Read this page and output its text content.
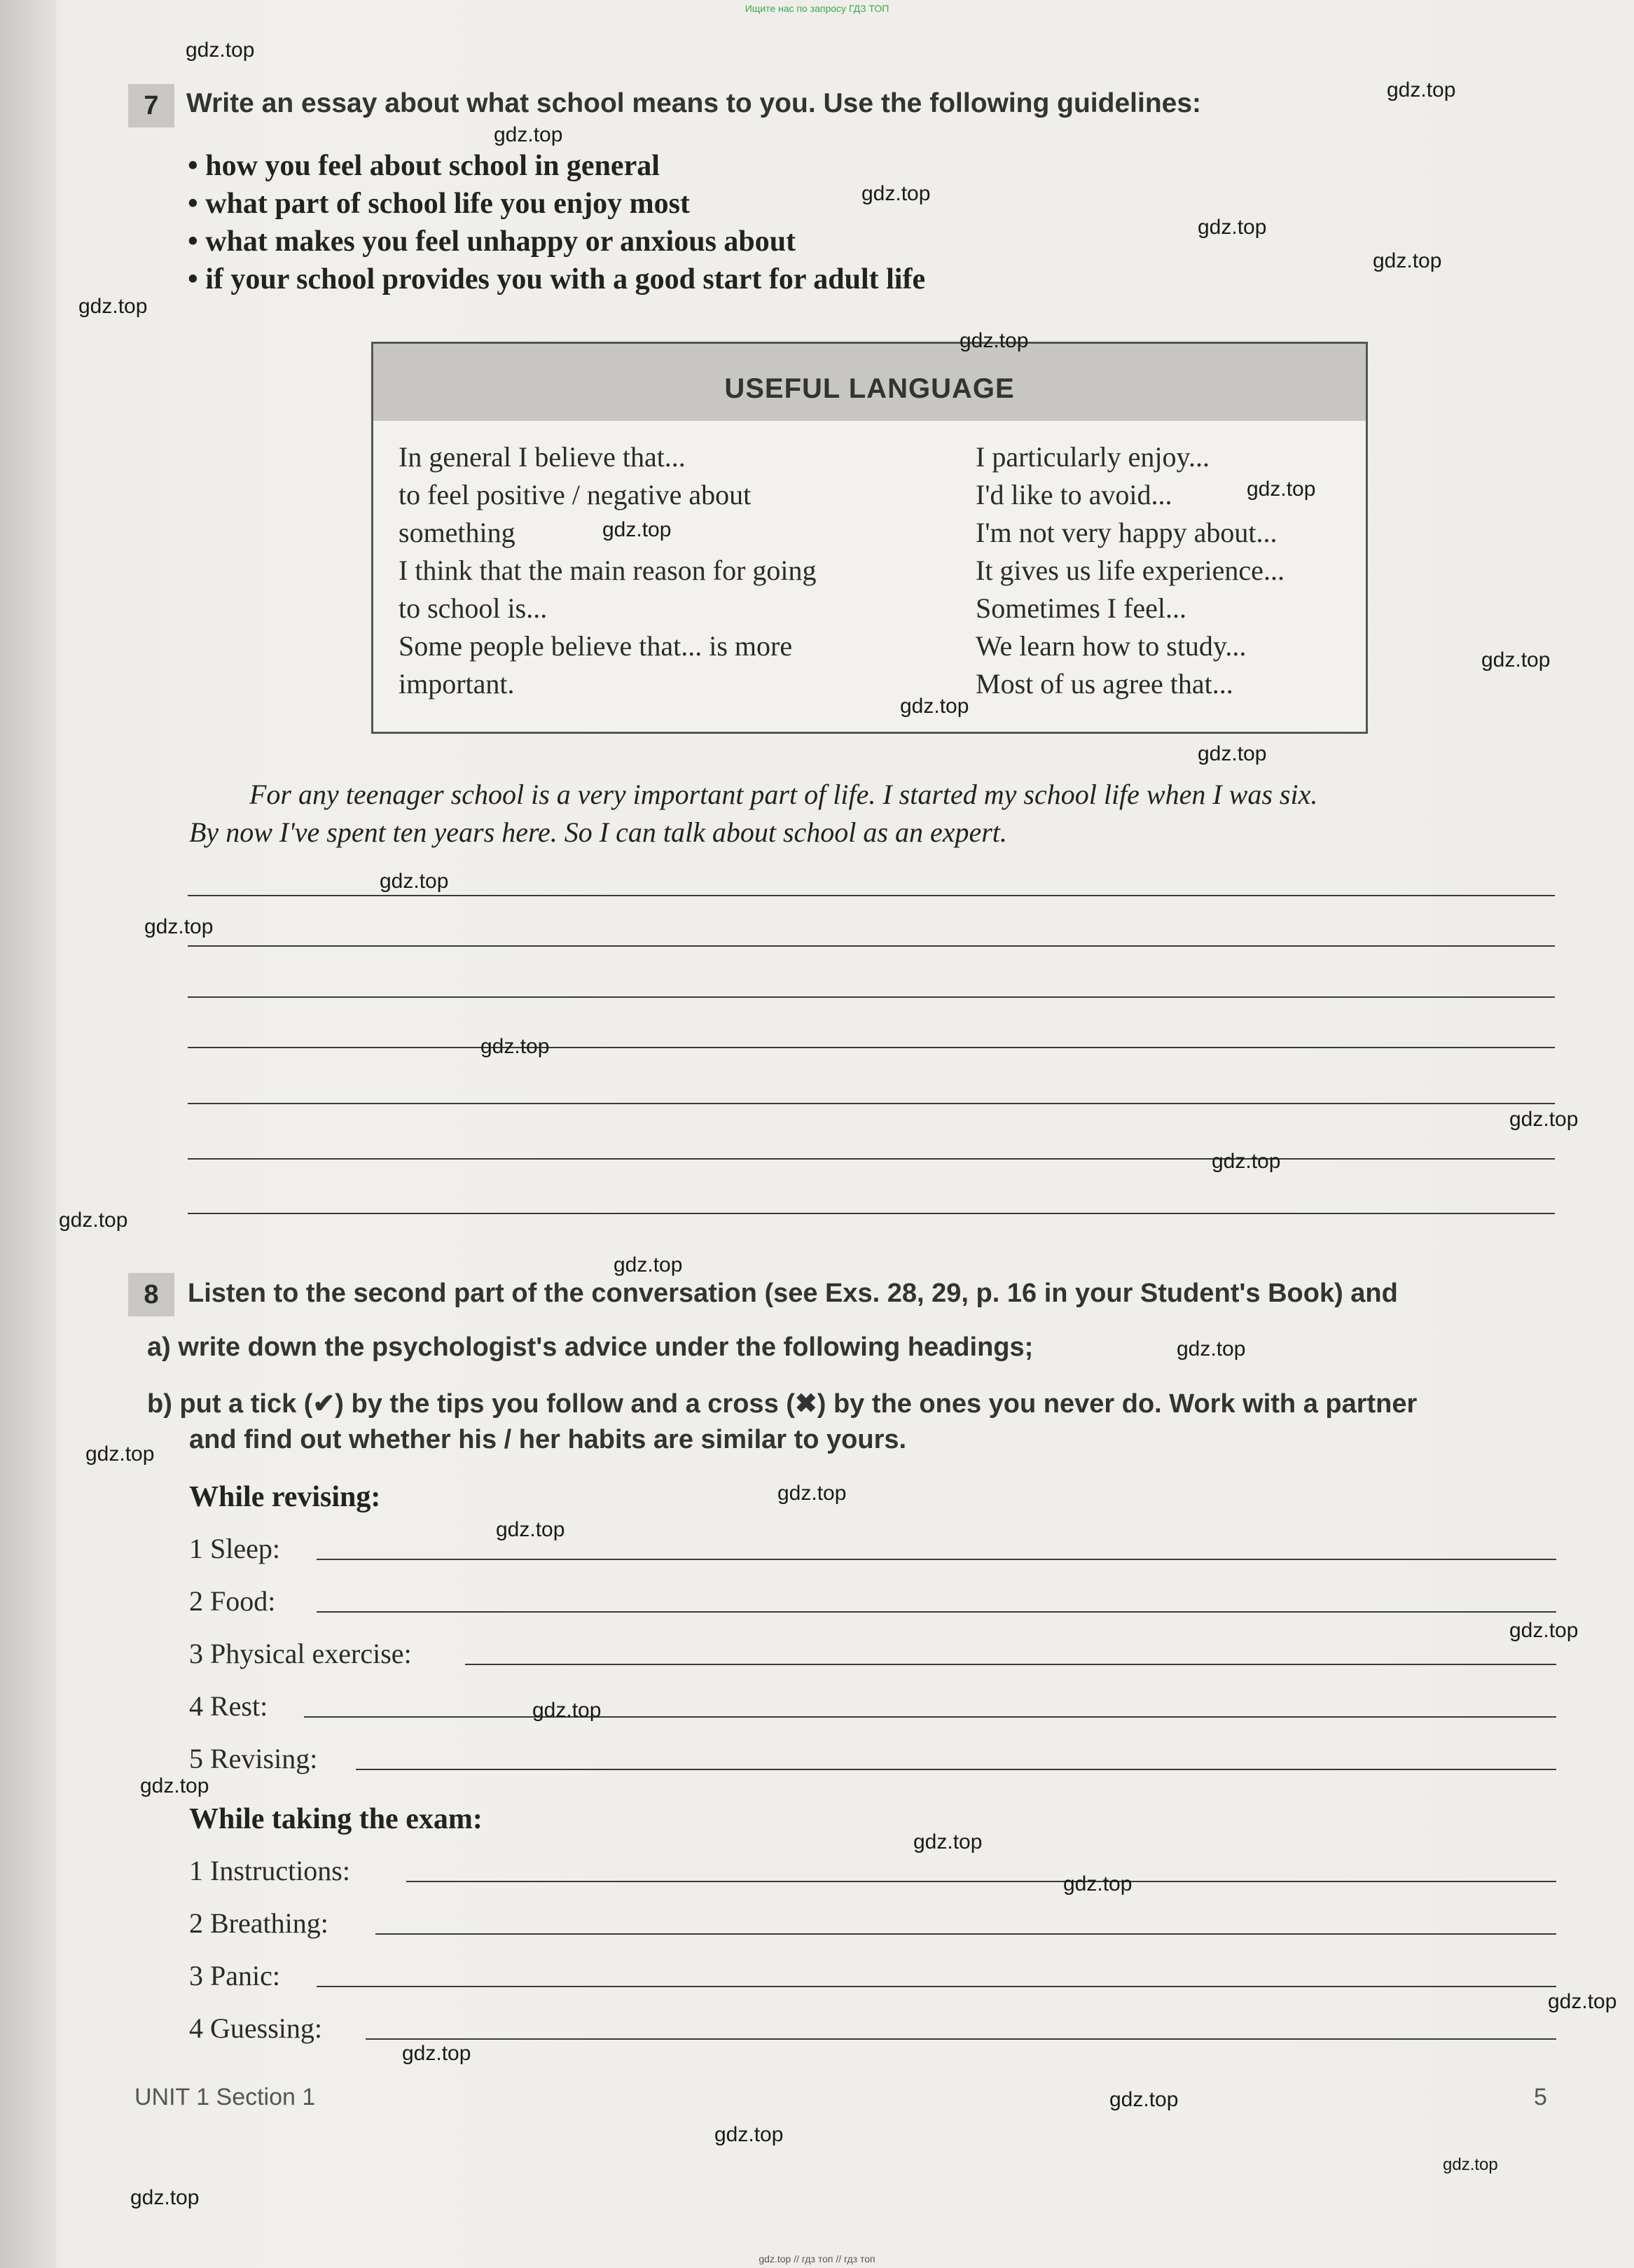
Ищите нас по запросу ГДЗ ТОП
7	Write an essay about what school means to you. Use the following guidelines:
• how you feel about school in general
• what part of school life you enjoy most
• what makes you feel unhappy or anxious about
• if your school provides you with a good start for adult life
USEFUL LANGUAGE
In general I believe that...
to feel positive / negative about
something
I think that the main reason for going
to school is...
Some people believe that... is more
important.
I particularly enjoy...
I'd like to avoid...
I'm not very happy about...
It gives us life experience...
Sometimes I feel...
We learn how to study...
Most of us agree that...
For any teenager school is a very important part of life. I started my school life when I was six.
By now I've spent ten years here. So I can talk about school as an expert.
8	Listen to the second part of the conversation (see Exs. 28, 29, p. 16 in your Student's Book) and
a) write down the psychologist's advice under the following headings;
b) put a tick (✔) by the tips you follow and a cross (✖) by the ones you never do. Work with a partner
and find out whether his / her habits are similar to yours.
While revising:
1 Sleep:
2 Food:
3 Physical exercise:
4 Rest:
5 Revising:
While taking the exam:
1 Instructions:
2 Breathing:
3 Panic:
4 Guessing:
UNIT 1 Section 1	5
gdz.top
gdz.top
gdz.top
gdz.top
gdz.top
gdz.top
gdz.top
gdz.top
gdz.top
gdz.top
gdz.top
gdz.top
gdz.top
gdz.top
gdz.top
gdz.top
gdz.top
gdz.top
gdz.top
gdz.top
gdz.top
gdz.top
gdz.top
gdz.top
gdz.top
gdz.top
gdz.top
gdz.top
gdz.top
gdz.top
gdz.top
gdz.top
gdz.top
gdz.top
gdz.top
gdz.top // гдз топ // гдз топ
